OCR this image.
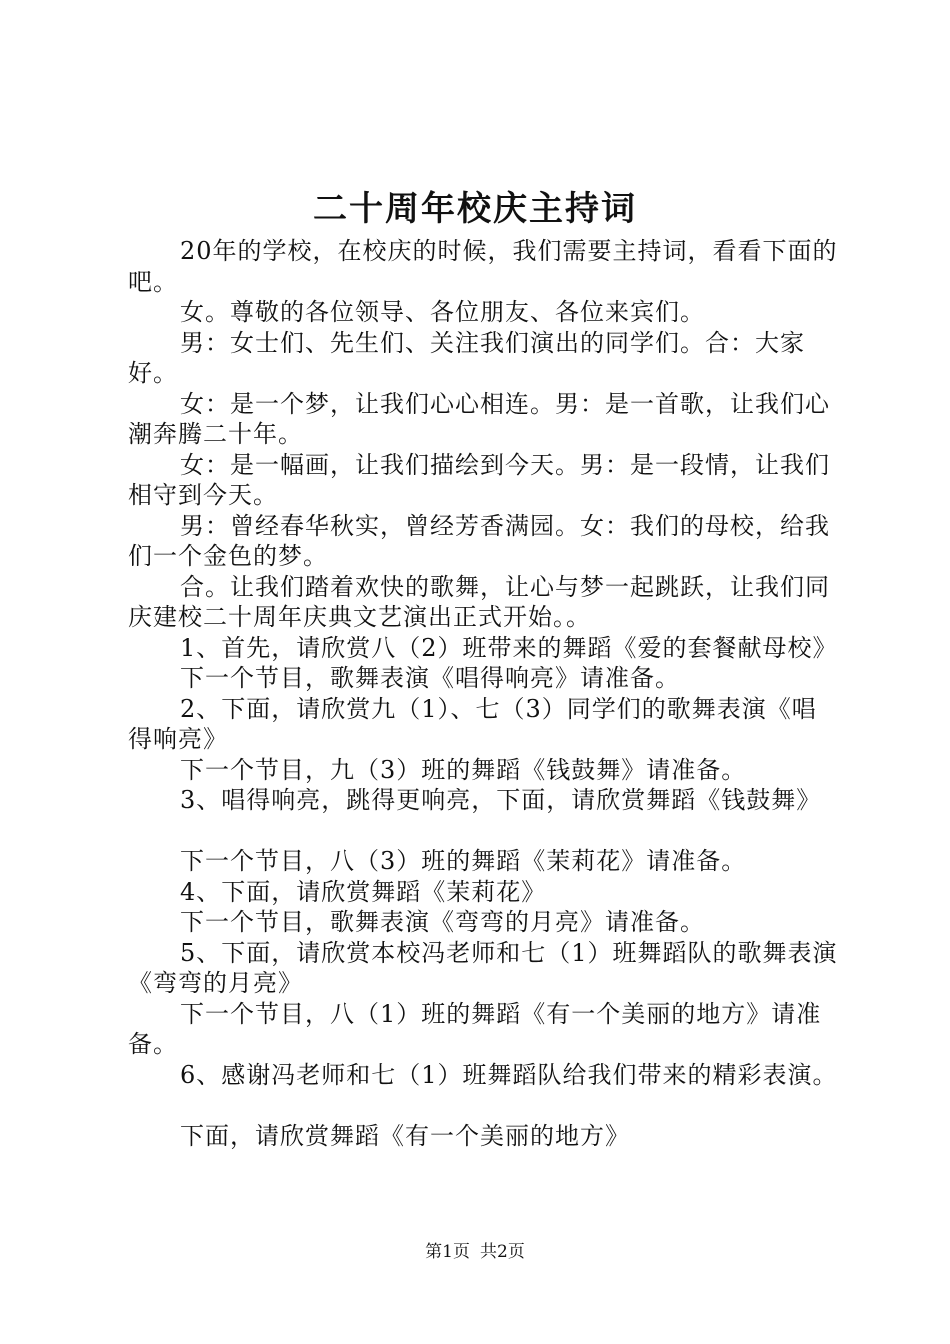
二十周年校庆主持词

20年的学校，在校庆的时候，我们需要主持词，看看下面的吧。

女。尊敬的各位领导、各位朋友、各位来宾们。

男：女士们、先生们、关注我们演出的同学们。合：大家好。

女：是一个梦，让我们心心相连。男：是一首歌，让我们心潮奔腾二十年。

女：是一幅画，让我们描绘到今天。男：是一段情，让我们相守到今天。

男：曾经春华秋实，曾经芳香满园。女：我们的母校，给我们一个金色的梦。

合。让我们踏着欢快的歌舞，让心与梦一起跳跃，让我们同庆建校二十周年庆典文艺演出正式开始。。

1、首先，请欣赏八（2）班带来的舞蹈《爱的套餐献母校》

下一个节目，歌舞表演《唱得响亮》请准备。

2、下面，请欣赏九（1）、七（3）同学们的歌舞表演《唱得响亮》

下一个节目，九（3）班的舞蹈《钱鼓舞》请准备。

3、唱得响亮，跳得更响亮，下面，请欣赏舞蹈《钱鼓舞》

下一个节目，八（3）班的舞蹈《茉莉花》请准备。

4、下面，请欣赏舞蹈《茉莉花》

下一个节目，歌舞表演《弯弯的月亮》请准备。

5、下面，请欣赏本校冯老师和七（1）班舞蹈队的歌舞表演《弯弯的月亮》

下一个节目，八（1）班的舞蹈《有一个美丽的地方》请准备。

6、感谢冯老师和七（1）班舞蹈队给我们带来的精彩表演。

下面，请欣赏舞蹈《有一个美丽的地方》

第1页 共2页
